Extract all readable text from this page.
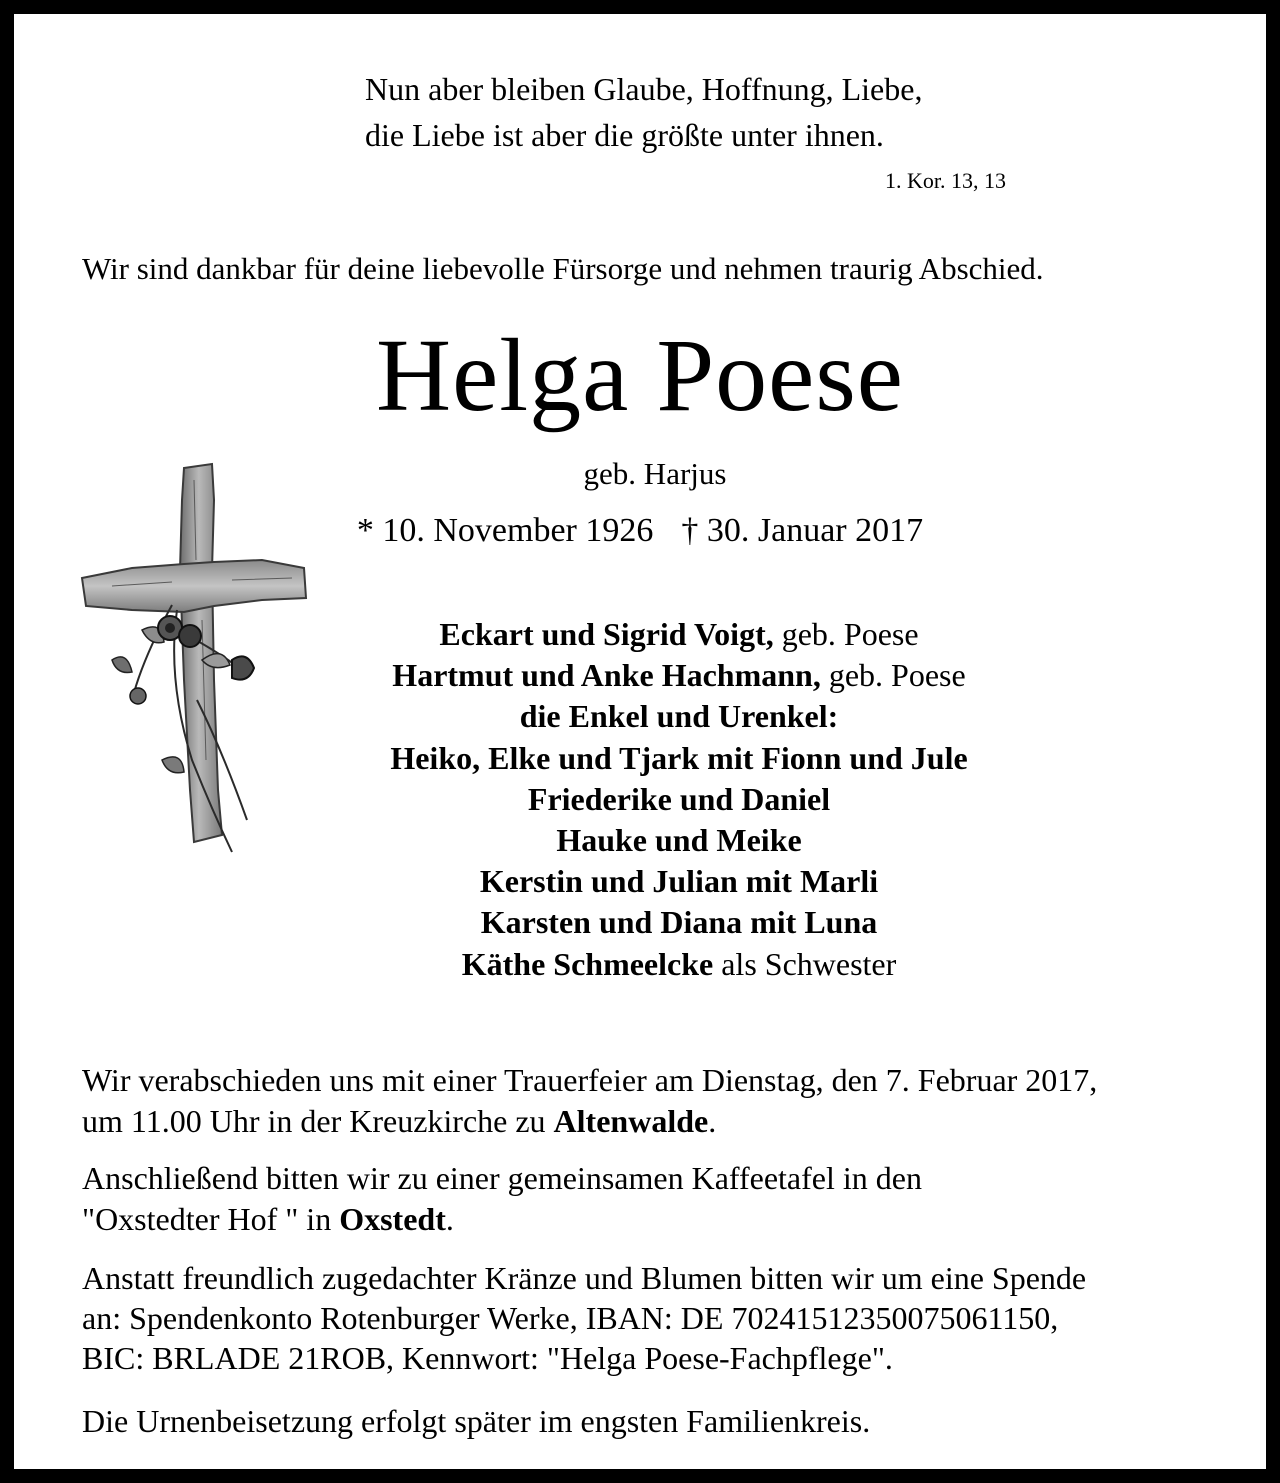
Nun aber bleiben Glaube, Hoffnung, Liebe,
die Liebe ist aber die größte unter ihnen.
1. Kor. 13, 13
Wir sind dankbar für deine liebevolle Fürsorge und nehmen traurig Abschied.
Helga Poese
geb. Harjus
* 10. November 1926 † 30. Januar 2017
Eckart und Sigrid Voigt, geb. Poese
Hartmut und Anke Hachmann, geb. Poese
die Enkel und Urenkel:
Heiko, Elke und Tjark mit Fionn und Jule
Friederike und Daniel
Hauke und Meike
Kerstin und Julian mit Marli
Karsten und Diana mit Luna
Käthe Schmeelcke als Schwester
Wir verabschieden uns mit einer Trauerfeier am Dienstag, den 7. Februar 2017,
um 11.00 Uhr in der Kreuzkirche zu Altenwalde.
Anschließend bitten wir zu einer gemeinsamen Kaffeetafel in den
"Oxstedter Hof " in Oxstedt.
Anstatt freundlich zugedachter Kränze und Blumen bitten wir um eine Spende
an: Spendenkonto Rotenburger Werke, IBAN: DE 70241512350075061150,
BIC: BRLADE 21ROB, Kennwort: "Helga Poese-Fachpflege".
Die Urnenbeisetzung erfolgt später im engsten Familienkreis.
